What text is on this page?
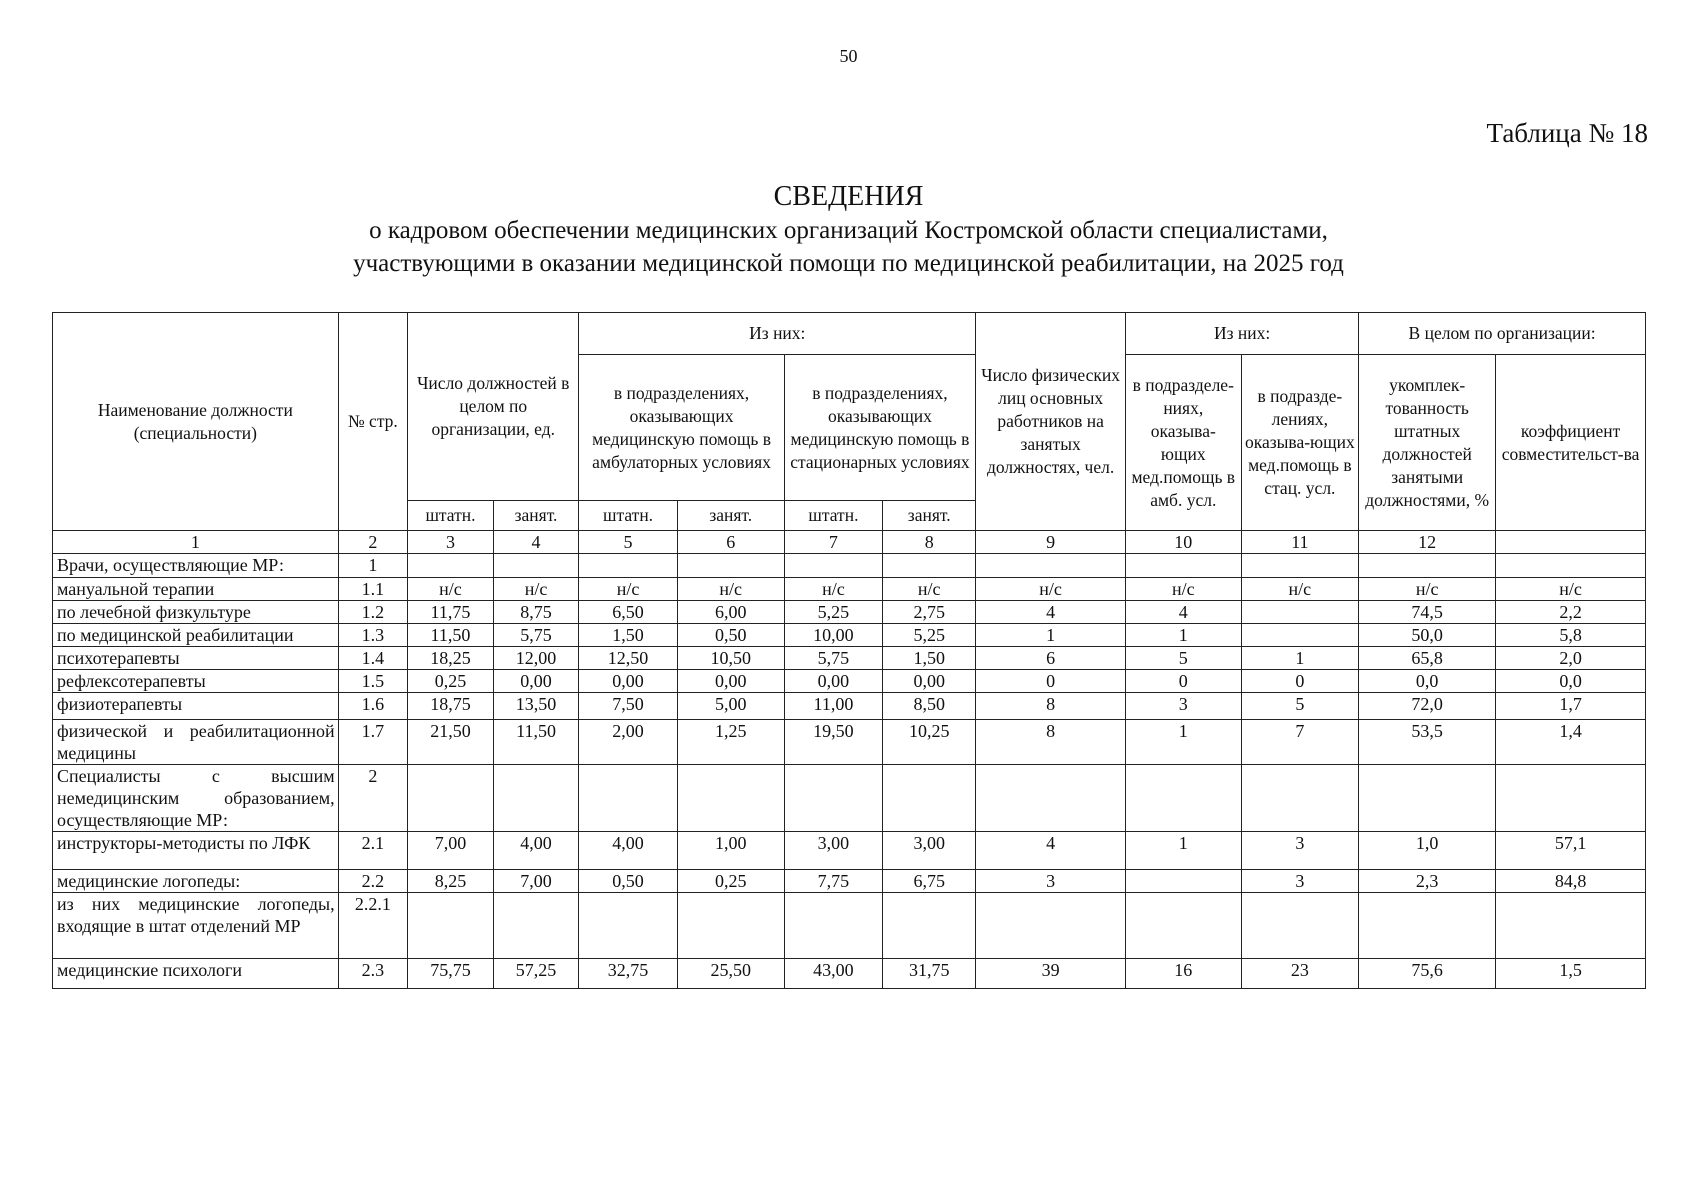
50
Таблица № 18
СВЕДЕНИЯ
о кадровом обеспечении медицинских организаций Костромской области специалистами,
участвующими в оказании медицинской помощи по медицинской реабилитации, на 2025 год
Наименование должности (специальности)	№ стр.	Число должностей в целом по организации, ед.		Из них:				Число физических лиц основных работников на занятых должностях, чел.	Из них:		В целом по организации:	
				в подразделениях, оказывающих медицинскую помощь в амбулаторных условиях		в подразделениях, оказывающих медицинскую помощь в стационарных условиях			в подразделе-ниях, оказыва-ющих мед.помощь в амб. усл.	в подразде-лениях, оказыва-ющих мед.помощь в стац. усл.	укомплек-тованность штатных должностей занятыми должностями, %	коэффициент совместительст-ва
		штатн.	занят.	штатн.	занят.	штатн.	занят.					
1	2	3	4	5	6	7	8	9	10	11	12	
Врачи, осуществляющие МР:	1											
мануальной терапии	1.1	н/с	н/с	н/с	н/с	н/с	н/с	н/с	н/с	н/с	н/с	н/с
по лечебной физкультуре	1.2	11,75	8,75	6,50	6,00	5,25	2,75	4	4		74,5	2,2
по медицинской реабилитации	1.3	11,50	5,75	1,50	0,50	10,00	5,25	1	1		50,0	5,8
психотерапевты	1.4	18,25	12,00	12,50	10,50	5,75	1,50	6	5	1	65,8	2,0
рефлексотерапевты	1.5	0,25	0,00	0,00	0,00	0,00	0,00	0	0	0	0,0	0,0
физиотерапевты	1.6	18,75	13,50	7,50	5,00	11,00	8,50	8	3	5	72,0	1,7
физической и реабилитационной медицины	1.7	21,50	11,50	2,00	1,25	19,50	10,25	8	1	7	53,5	1,4
Специалисты с высшим немедицинским образованием, осуществляющие МР:	2											
инструкторы-методисты по ЛФК	2.1	7,00	4,00	4,00	1,00	3,00	3,00	4	1	3	1,0	57,1
медицинские логопеды:	2.2	8,25	7,00	0,50	0,25	7,75	6,75	3		3	2,3	84,8
из них медицинские логопеды, входящие в штат отделений МР	2.2.1											
медицинские психологи	2.3	75,75	57,25	32,75	25,50	43,00	31,75	39	16	23	75,6	1,5
